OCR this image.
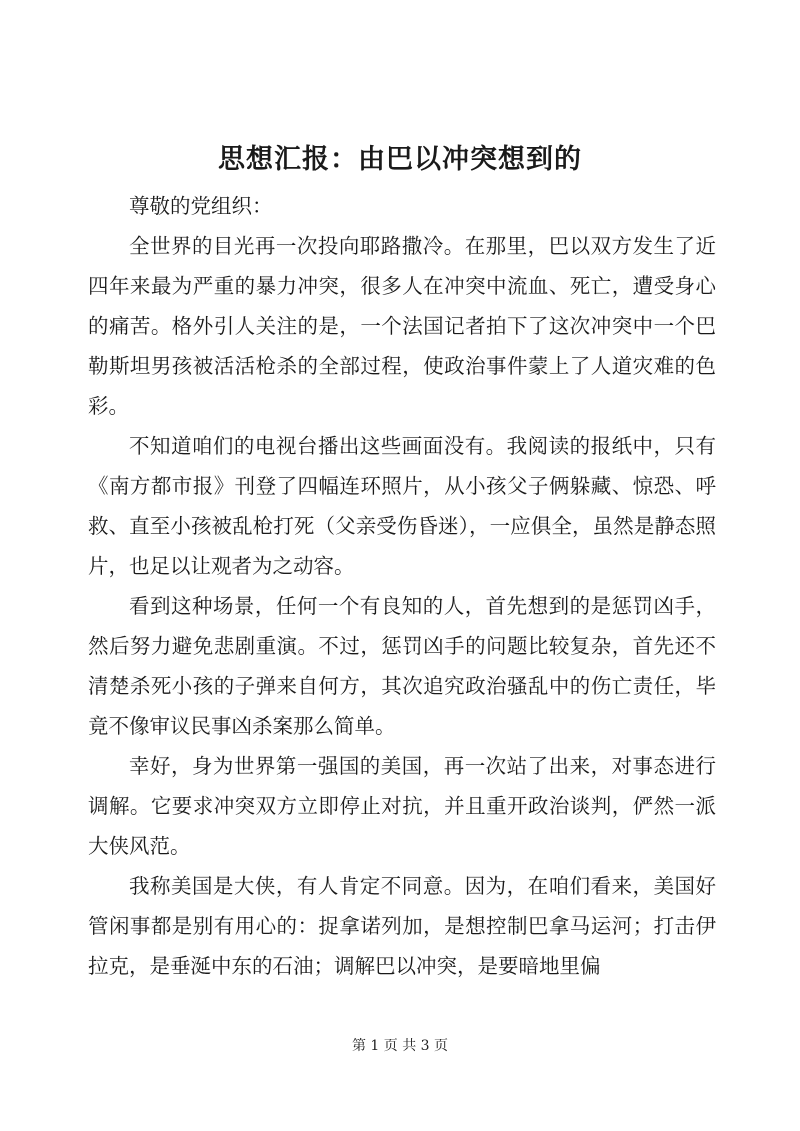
思想汇报：由巴以冲突想到的

尊敬的党组织：

全世界的目光再一次投向耶路撒冷。在那里，巴以双方发生了近四年来最为严重的暴力冲突，很多人在冲突中流血、死亡，遭受身心的痛苦。格外引人关注的是，一个法国记者拍下了这次冲突中一个巴勒斯坦男孩被活活枪杀的全部过程，使政治事件蒙上了人道灾难的色彩。

不知道咱们的电视台播出这些画面没有。我阅读的报纸中，只有《南方都市报》刊登了四幅连环照片，从小孩父子俩躲藏、惊恐、呼救、直至小孩被乱枪打死（父亲受伤昏迷），一应俱全，虽然是静态照片，也足以让观者为之动容。

看到这种场景，任何一个有良知的人，首先想到的是惩罚凶手，然后努力避免悲剧重演。不过，惩罚凶手的问题比较复杂，首先还不清楚杀死小孩的子弹来自何方，其次追究政治骚乱中的伤亡责任，毕竟不像审议民事凶杀案那么简单。

幸好，身为世界第一强国的美国，再一次站了出来，对事态进行调解。它要求冲突双方立即停止对抗，并且重开政治谈判，俨然一派大侠风范。

我称美国是大侠，有人肯定不同意。因为，在咱们看来，美国好管闲事都是别有用心的：捉拿诺列加，是想控制巴拿马运河；打击伊拉克，是垂涎中东的石油；调解巴以冲突，是要暗地里偏

第 1 页 共 3 页
